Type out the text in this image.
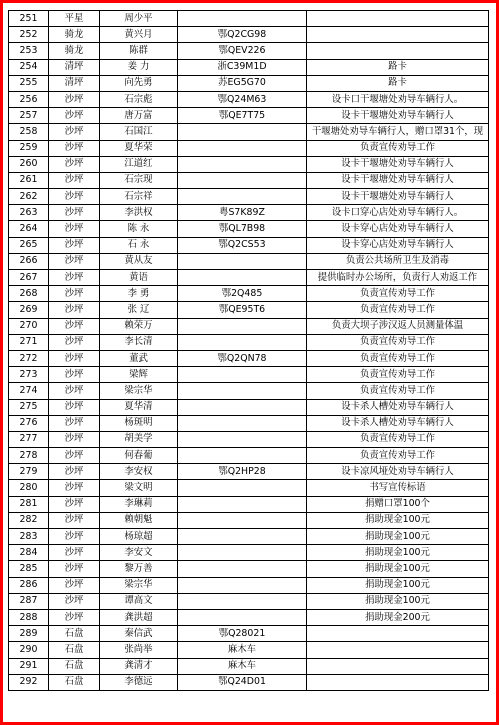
251	平星	周少平		
252	骑龙	黄兴月	鄂Q2CG98	
253	骑龙	陈群	鄂QEV226	
254	清坪	姜 力	浙C39M1D	路卡
255	清坪	向先勇	苏EG5G70	路卡
256	沙坪	石宗彪	鄂Q24M63	设卡口干堰塘处劝导车辆行人。
257	沙坪	唐万富	鄂QE7T75	设卡干堰塘处劝导车辆行人
258	沙坪	石国江		干堰塘处劝导车辆行人，赠口罩31个，现
259	沙坪	夏华荣		负责宣传劝导工作
260	沙坪	江道红		设卡干堰塘处劝导车辆行人
261	沙坪	石宗现		设卡干堰塘处劝导车辆行人
262	沙坪	石宗祥		设卡干堰塘处劝导车辆行人
263	沙坪	李洪权	粤S7K89Z	设卡口穿心店处劝导车辆行人。
264	沙坪	陈 永	鄂QL7B98	设卡穿心店处劝导车辆行人
265	沙坪	石 永	鄂Q2CS53	设卡穿心店处劝导车辆行人
266	沙坪	黄从友		负责公共场所卫生及消毒
267	沙坪	黄语		提供临时办公场所，负责行人劝返工作
268	沙坪	李 勇	鄂2Q485	负责宣传劝导工作
269	沙坪	张 辽	鄂QE95T6	负责宣传劝导工作
270	沙坪	赖荣万		负责大坝子涉汉返人员测量体温
271	沙坪	李长清		负责宣传劝导工作
272	沙坪	董武	鄂Q2QN78	负责宣传劝导工作
273	沙坪	梁辉		负责宣传劝导工作
274	沙坪	梁宗华		负责宣传劝导工作
275	沙坪	夏华清		设卡杀人槽处劝导车辆行人
276	沙坪	杨斑明		设卡杀人槽处劝导车辆行人
277	沙坪	胡美学		负责宣传劝导工作
278	沙坪	何春葡		负责宣传劝导工作
279	沙坪	李安权	鄂Q2HP28	设卡凉风垭处劝导车辆行人
280	沙坪	梁文明		书写宣传标语
281	沙坪	李琳莉		捐赠口罩100个
282	沙坪	赖朝魁		捐助现金100元
283	沙坪	杨琼超		捐助现金100元
284	沙坪	李安文		捐助现金100元
285	沙坪	黎万善		捐助现金100元
286	沙坪	梁宗华		捐助现金100元
287	沙坪	谭高文		捐助现金100元
288	沙坪	龚洪超		捐助现金200元
289	石盘	秦信武	鄂Q28021	
290	石盘	张尚举	麻木车	
291	石盘	龚清才	麻木车	
292	石盘	李德远	鄂Q24D01	
